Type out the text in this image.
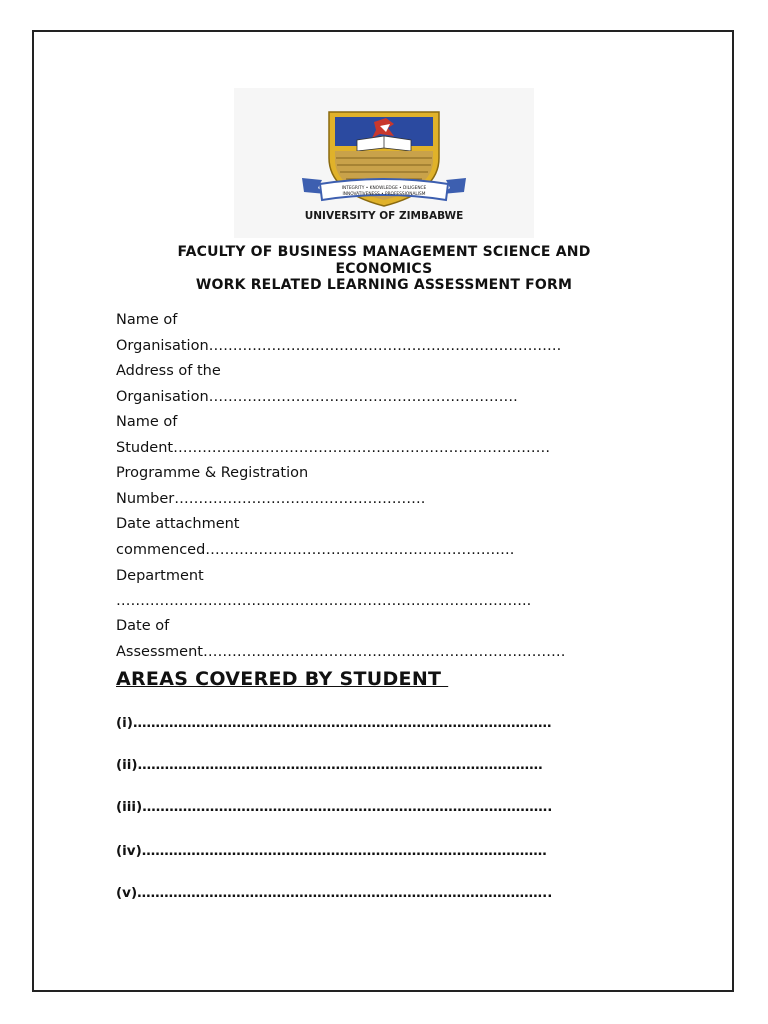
INTEGRITY • KNOWLEDGE • DILIGENCE
INNOVATIVENESS • PROFESSIONALISM
UNIVERSITY OF ZIMBABWE
FACULTY OF BUSINESS MANAGEMENT SCIENCE AND
ECONOMICS
WORK RELATED LEARNING ASSESSMENT FORM
Name of
Organisation……………………………………………………………….
Address of the
Organisation……………………………………………………….
Name of
Student……………………………………………………………………
Programme & Registration
Number…………………………………………….
Date attachment
commenced……………………………………………………….
Department
…………………………………………………………………………..
Date of
Assessment…………………………………………………………………
AREAS COVERED BY STUDENT
(i)…………………………………………………………………………………
(ii)………………………………………………………………………………
(iii)……………………………………………………………………………….
(iv)………………………………………………………………………………
(v)………………………………………………………………………………..
